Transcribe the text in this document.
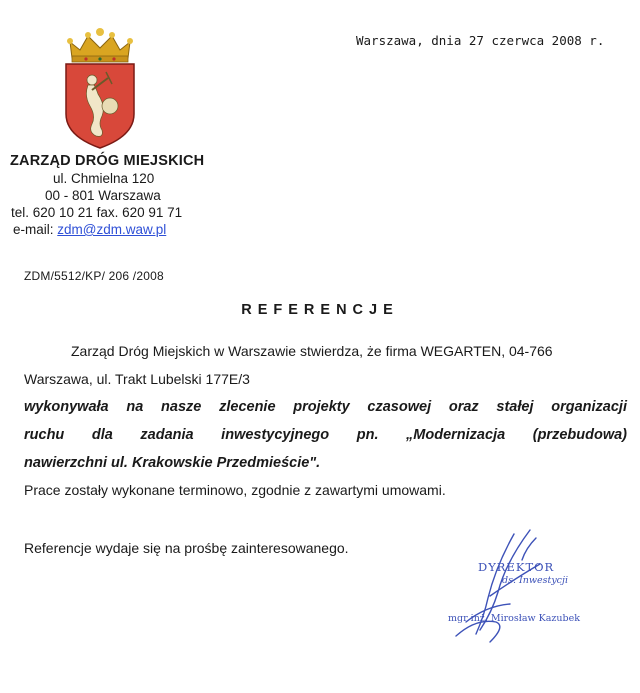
ZARZĄD DRÓG MIEJSKICH
ul. Chmielna 120
00 - 801 Warszawa
tel. 620 10 21 fax. 620 91 71
e-mail: zdm@zdm.waw.pl
Warszawa, dnia 27 czerwca 2008 r.
ZDM/5512/KP/ 206 /2008
REFERENCJE
Zarząd Dróg Miejskich w Warszawie stwierdza, że firma WEGARTEN, 04-766
Warszawa, ul. Trakt Lubelski 177E/3
wykonywała na nasze zlecenie projekty czasowej oraz stałej organizacji
ruchu dla zadania inwestycyjnego pn. „Modernizacja (przebudowa)
nawierzchni ul. Krakowskie Przedmieście".
Prace zostały wykonane terminowo, zgodnie z zawartymi umowami.
Referencje wydaje się na prośbę zainteresowanego.
DYREKTOR
ds. Inwestycji
mgr inż. Mirosław Kazubek
